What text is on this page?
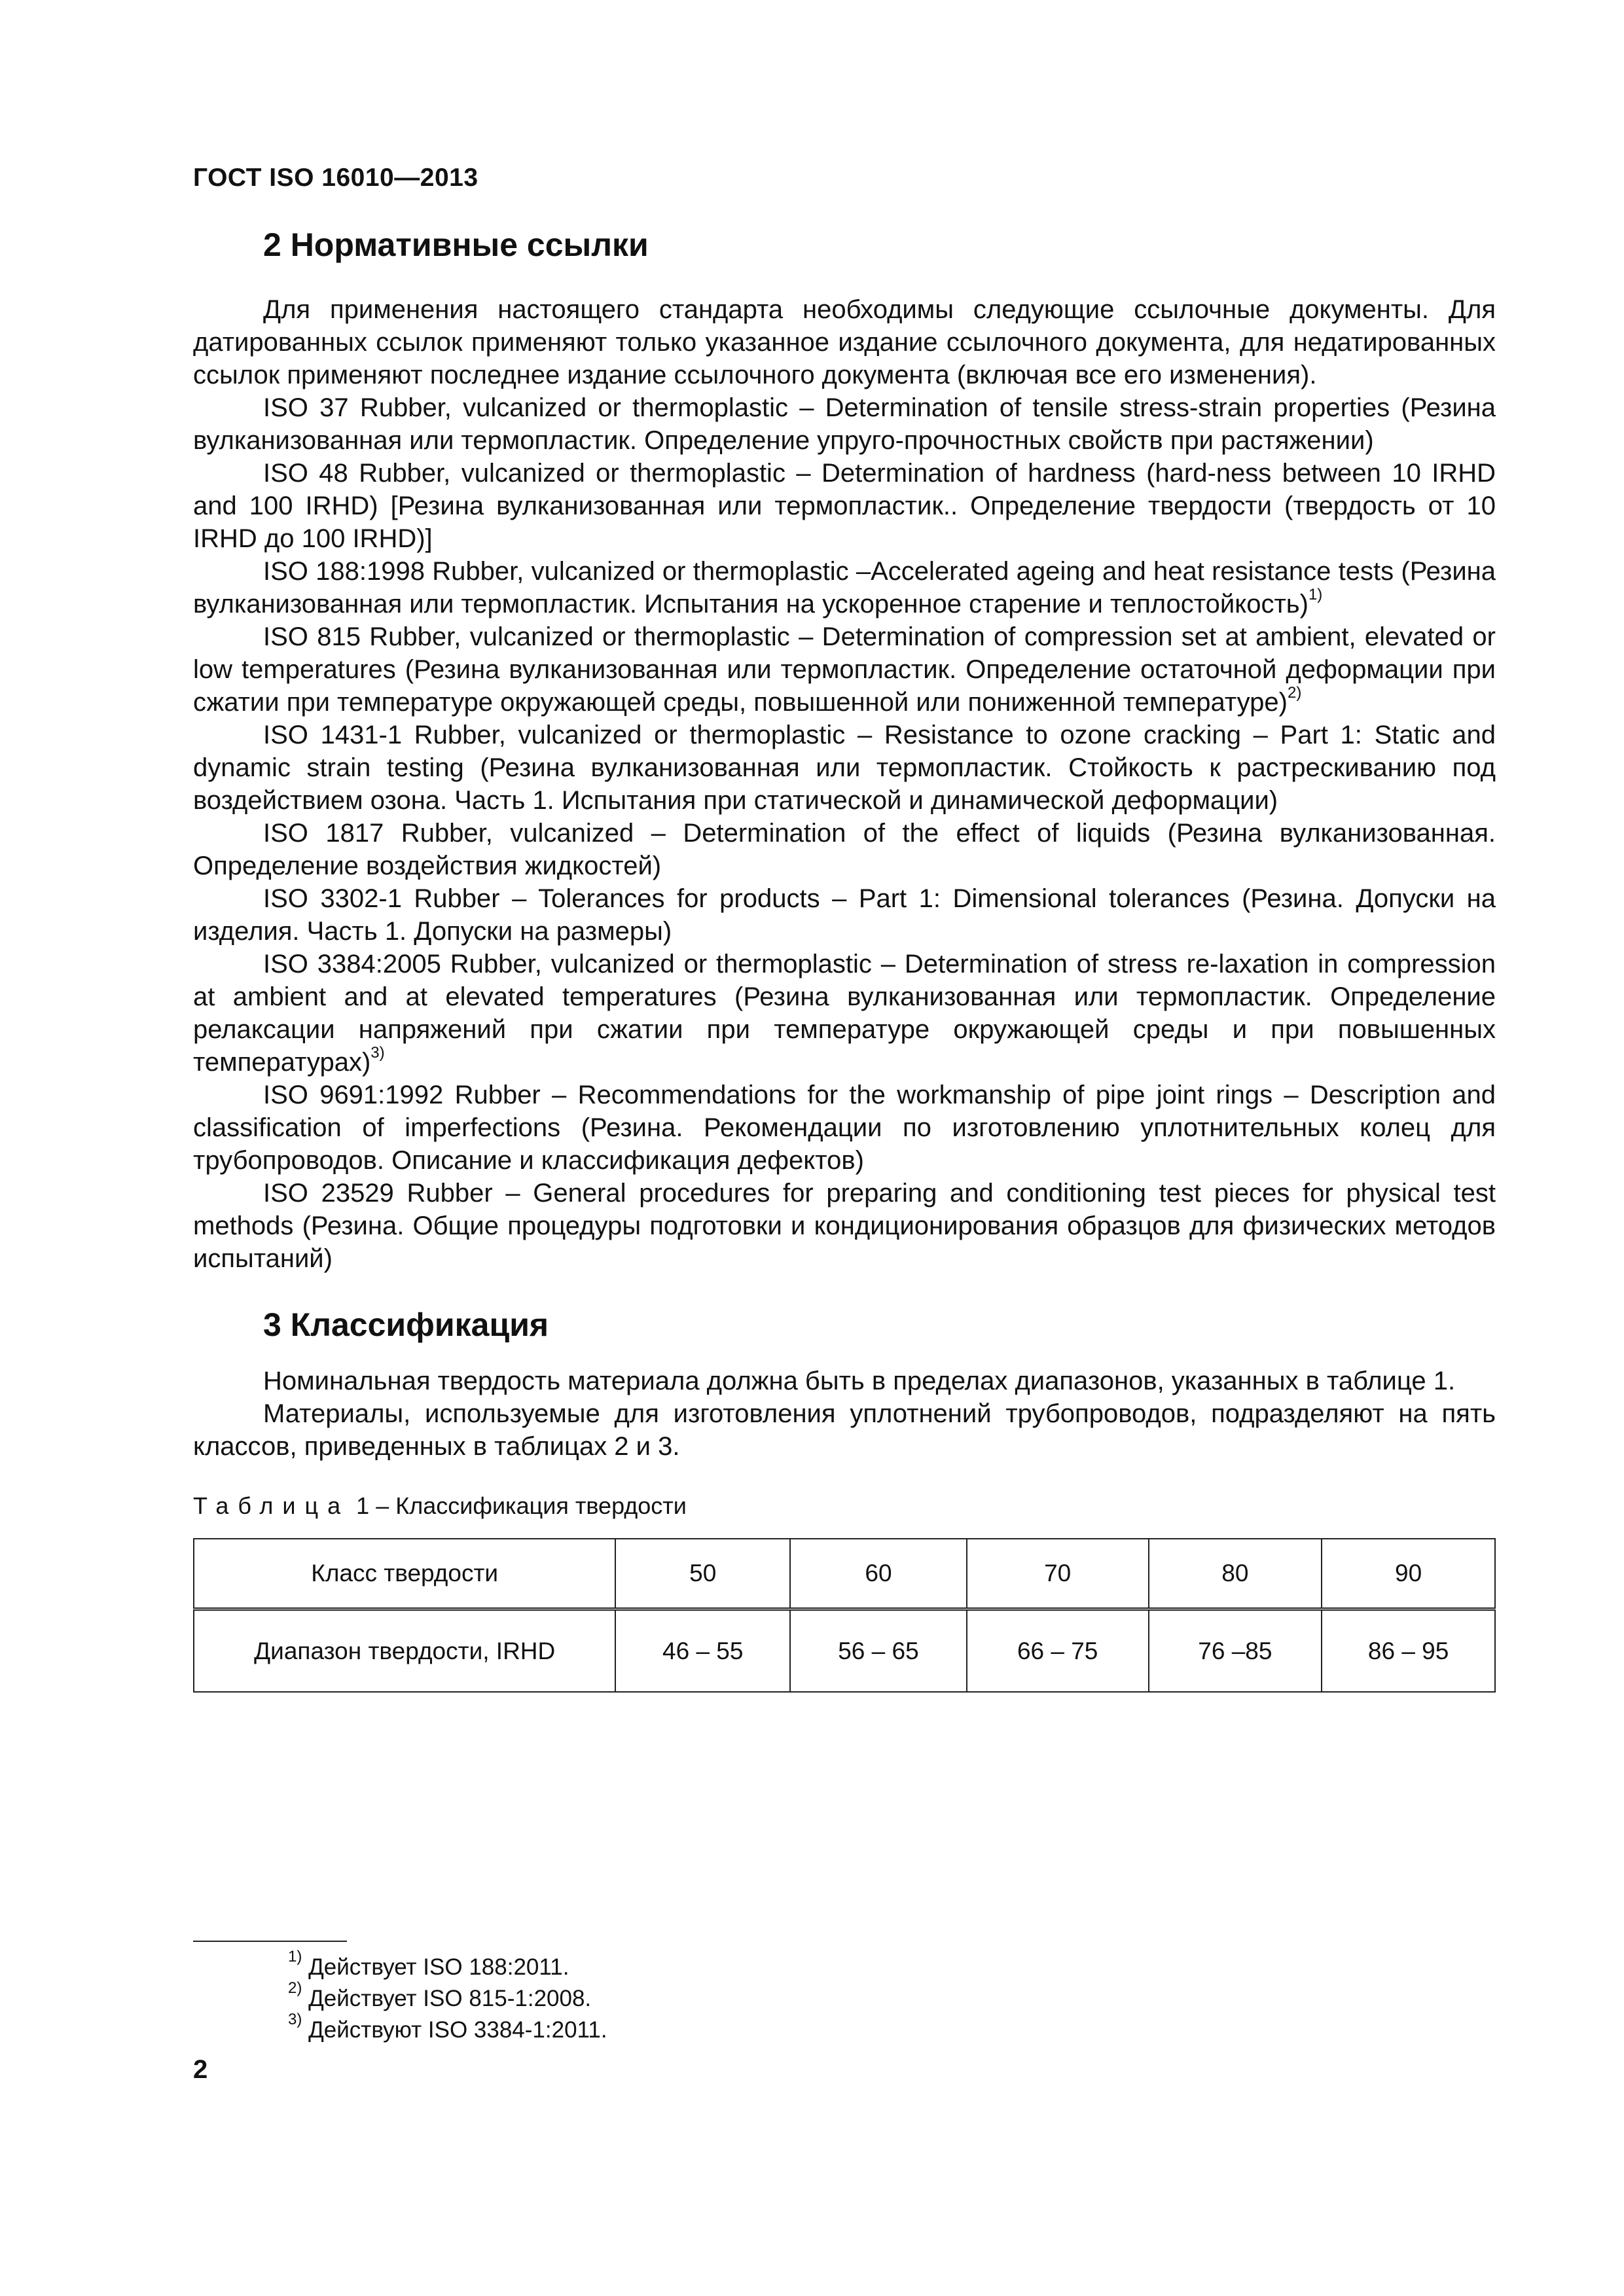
ГОСТ ISO 16010—2013
2 Нормативные ссылки

Для применения настоящего стандарта необходимы следующие ссылочные документы. Для датированных ссылок применяют только указанное издание ссылочного документа, для недатированных ссылок применяют последнее издание ссылочного документа (включая все его изменения).

ISO 37 Rubber, vulcanized or thermoplastic – Determination of tensile stress-strain properties (Резина вулканизованная или термопластик. Определение упруго-прочностных свойств при растяжении)

ISO 48 Rubber, vulcanized or thermoplastic – Determination of hardness (hard-ness between 10 IRHD and 100 IRHD) [Резина вулканизованная или термопластик.. Определение твердости (твердость от 10 IRHD до 100 IRHD)]

ISO 188:1998 Rubber, vulcanized or thermoplastic –Accelerated ageing and heat resistance tests (Резина вулканизованная или термопластик. Испытания на ускоренное старение и теплостойкость)$^{1)}$

ISO 815 Rubber, vulcanized or thermoplastic – Determination of compression set at ambient, elevated or low temperatures (Резина вулканизованная или термопластик. Определение остаточной деформации при сжатии при температуре окружающей среды, повышенной или пониженной температуре)$^{2)}$

ISO 1431-1 Rubber, vulcanized or thermoplastic – Resistance to ozone cracking – Part 1: Static and dynamic strain testing (Резина вулканизованная или термопластик. Стойкость к растрескиванию под воздействием озона. Часть 1. Испытания при статической и динамической деформации)

ISO 1817 Rubber, vulcanized – Determination of the effect of liquids (Резина вулканизованная. Определение воздействия жидкостей)

ISO 3302-1 Rubber – Tolerances for products – Part 1: Dimensional tolerances (Резина. Допуски на изделия. Часть 1. Допуски на размеры)

ISO 3384:2005 Rubber, vulcanized or thermoplastic – Determination of stress re-laxation in compression at ambient and at elevated temperatures (Резина вулканизованная или термопластик. Определение релаксации напряжений при сжатии при температуре окружающей среды и при повышенных температурах)$^{3)}$

ISO 9691:1992 Rubber – Recommendations for the workmanship of pipe joint rings – Description and classification of imperfections (Резина. Рекомендации по изготовлению уплотнительных колец для трубопроводов. Описание и классификация дефектов)

ISO 23529 Rubber – General procedures for preparing and conditioning test pieces for physical test methods (Резина. Общие процедуры подготовки и кондиционирования образцов для физических методов испытаний)

3 Классификация

Номинальная твердость материала должна быть в пределах диапазонов, указанных в таблице 1.

Материалы, используемые для изготовления уплотнений трубопроводов, подразделяют на пять классов, приведенных в таблицах 2 и 3.

Таблица 1 – Классификация твердости
Класс твердости	50	60	70	80	90
Диапазон твердости, IRHD	46 – 55	56 – 65	66 – 75	76 –85	86 – 95

$^{1)}$ Действует ISO 188:2011.

$^{2)}$ Действует ISO 815-1:2008.

$^{3)}$ Действуют ISO 3384-1:2011.

2
